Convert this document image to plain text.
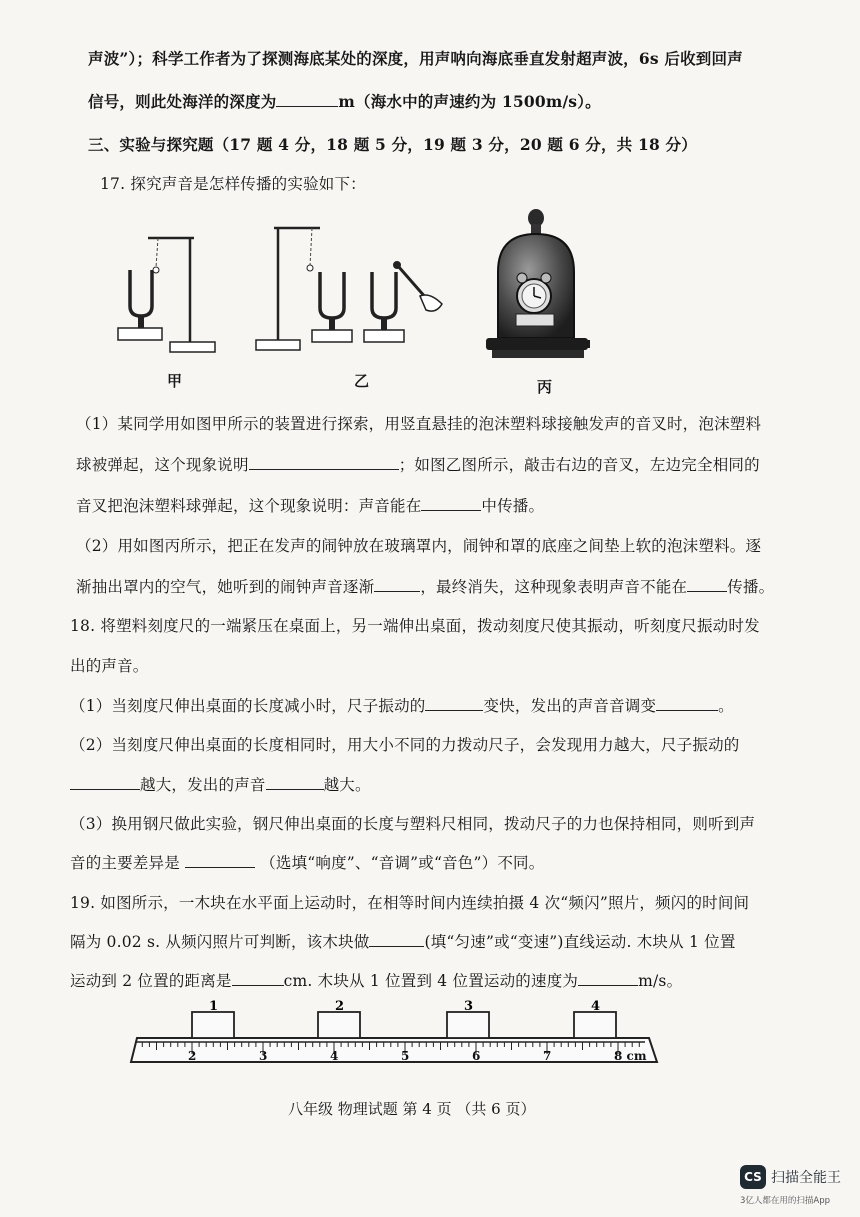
声波”）；科学工作者为了探测海底某处的深度，用声呐向海底垂直发射超声波，6s 后收到回声
信号，则此处海洋的深度为	m（海水中的声速约为 1500m/s）。
三、实验与探究题（17 题 4 分，18 题 5 分，19 题 3 分，20 题 6 分，共 18 分）
17. 探究声音是怎样传播的实验如下：
甲	乙	丙
（1）某同学用如图甲所示的装置进行探索，用竖直悬挂的泡沫塑料球接触发声的音叉时，泡沫塑料
球被弹起，这个现象说明	；如图乙图所示，敲击右边的音叉，左边完全相同的
音叉把泡沫塑料球弹起，这个现象说明：声音能在	中传播。
（2）用如图丙所示，把正在发声的闹钟放在玻璃罩内，闹钟和罩的底座之间垫上软的泡沫塑料。逐
渐抽出罩内的空气，她听到的闹钟声音逐渐	，最终消失，这种现象表明声音不能在	传播。
18. 将塑料刻度尺的一端紧压在桌面上，另一端伸出桌面，拨动刻度尺使其振动，听刻度尺振动时发
出的声音。
（1）当刻度尺伸出桌面的长度减小时，尺子振动的	变快，发出的声音音调变	。
（2）当刻度尺伸出桌面的长度相同时，用大小不同的力拨动尺子，会发现用力越大，尺子振动的
越大，发出的声音	越大。
（3）换用钢尺做此实验，钢尺伸出桌面的长度与塑料尺相同，拨动尺子的力也保持相同，则听到声
音的主要差异是	（选填“响度”、“音调”或“音色”）不同。
19. 如图所示，一木块在水平面上运动时，在相等时间内连续拍摄 4 次“频闪”照片，频闪的时间间
隔为 0.02 s. 从频闪照片可判断，该木块做	(填“匀速”或“变速”)直线运动. 木块从 1 位置
运动到 2 位置的距离是	cm. 木块从 1 位置到 4 位置运动的速度为	m/s。
1	2	3	4
2	3	4	5	6	7	8 cm
八年级 物理试题 第 4 页 （共 6 页）
CS 扫描全能王
3亿人都在用的扫描App
